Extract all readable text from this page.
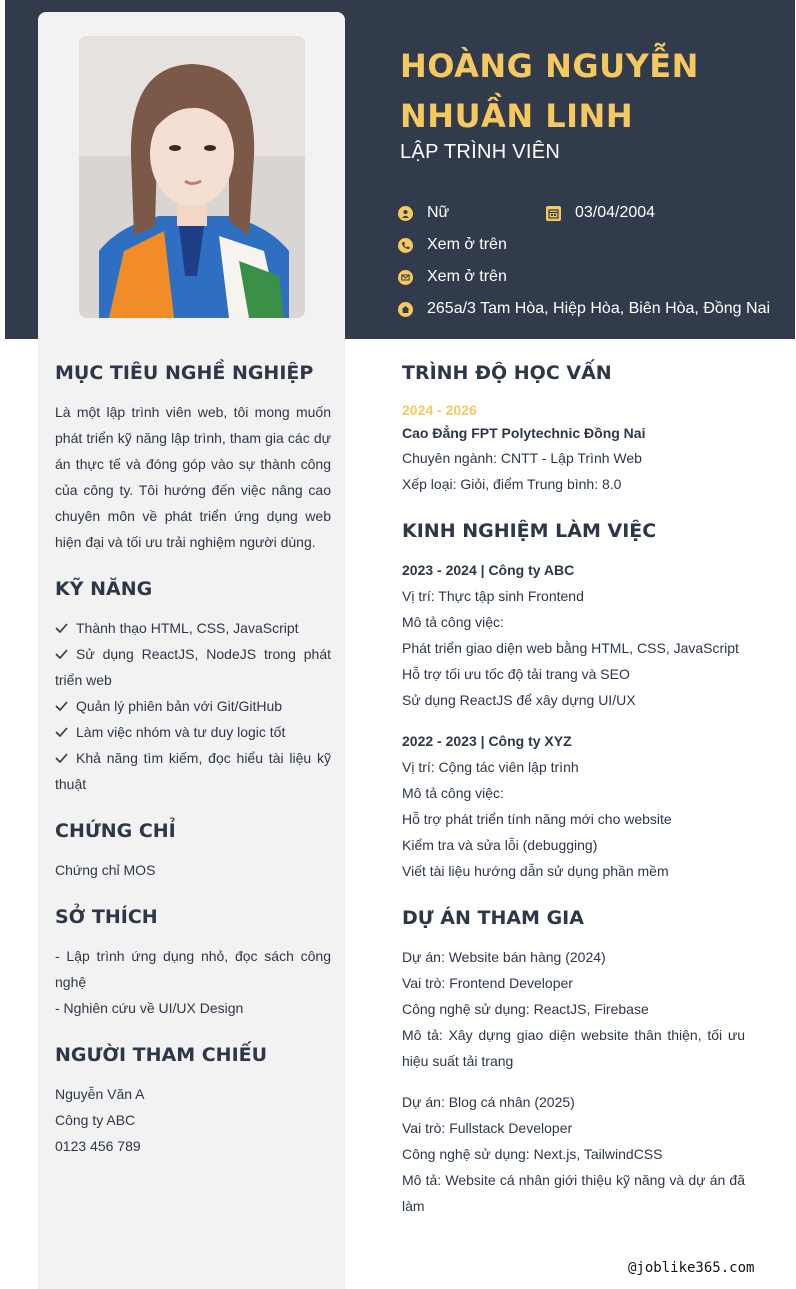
HOÀNG NGUYỄN NHUẦN LINH
LẬP TRÌNH VIÊN
Nữ	03/04/2004
Xem ở trên
Xem ở trên
265a/3 Tam Hòa, Hiệp Hòa, Biên Hòa, Đồng Nai
MỤC TIÊU NGHỀ NGHIỆP
Là một lập trình viên web, tôi mong muốn phát triển kỹ năng lập trình, tham gia các dự án thực tế và đóng góp vào sự thành công của công ty. Tôi hướng đến việc nâng cao chuyên môn về phát triển ứng dụng web hiện đại và tối ưu trải nghiệm người dùng.
KỸ NĂNG
Thành thạo HTML, CSS, JavaScript
Sử dụng ReactJS, NodeJS trong phát triển web
Quản lý phiên bản với Git/GitHub
Làm việc nhóm và tư duy logic tốt
Khả năng tìm kiếm, đọc hiểu tài liệu kỹ thuật
CHỨNG CHỈ
Chứng chỉ MOS
SỞ THÍCH
- Lập trình ứng dụng nhỏ, đọc sách công nghệ
- Nghiên cứu về UI/UX Design
NGƯỜI THAM CHIẾU
Nguyễn Văn A
Công ty ABC
0123 456 789
TRÌNH ĐỘ HỌC VẤN
2024 - 2026
Cao Đẳng FPT Polytechnic Đồng Nai
Chuyên ngành: CNTT - Lập Trình Web
Xếp loại: Giỏi, điểm Trung bình: 8.0
KINH NGHIỆM LÀM VIỆC
2023 - 2024 | Công ty ABC
Vị trí: Thực tập sinh Frontend
Mô tả công việc:
Phát triển giao diện web bằng HTML, CSS, JavaScript
Hỗ trợ tối ưu tốc độ tải trang và SEO
Sử dụng ReactJS để xây dựng UI/UX
2022 - 2023 | Công ty XYZ
Vị trí: Cộng tác viên lập trình
Mô tả công việc:
Hỗ trợ phát triển tính năng mới cho website
Kiểm tra và sửa lỗi (debugging)
Viết tài liệu hướng dẫn sử dụng phần mềm
DỰ ÁN THAM GIA
Dự án: Website bán hàng (2024)
Vai trò: Frontend Developer
Công nghệ sử dụng: ReactJS, Firebase
Mô tả: Xây dựng giao diện website thân thiện, tối ưu hiệu suất tải trang
Dự án: Blog cá nhân (2025)
Vai trò: Fullstack Developer
Công nghệ sử dụng: Next.js, TailwindCSS
Mô tả: Website cá nhân giới thiệu kỹ năng và dự án đã làm
@joblike365.com
